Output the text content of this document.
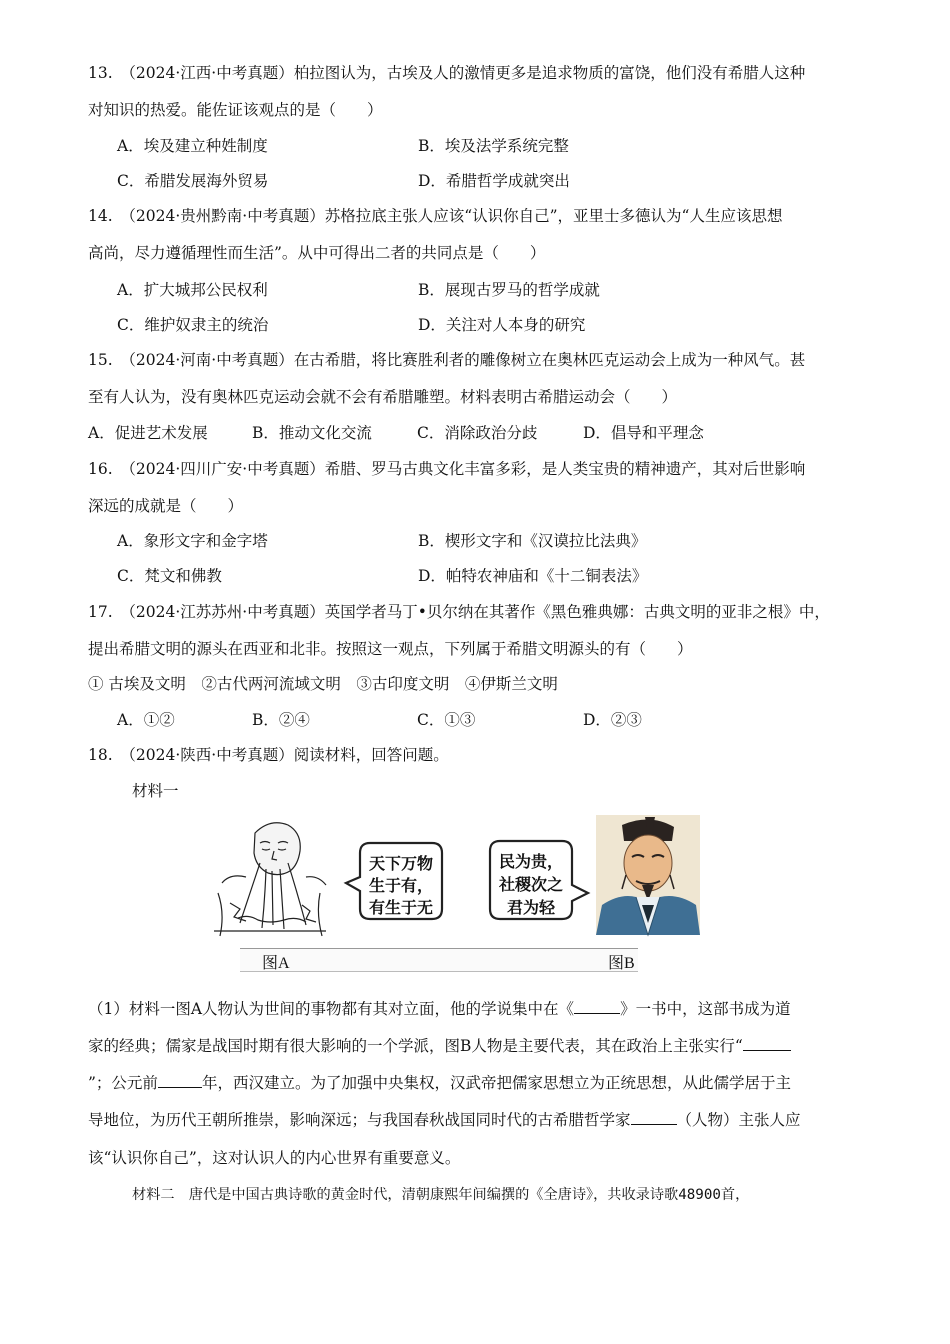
13.　（2024·江西·中考真题）柏拉图认为，古埃及人的激情更多是追求物质的富饶，他们没有希腊人这种
对知识的热爱。能佐证该观点的是（　　）
A．埃及建立种姓制度	B．埃及法学系统完整
C．希腊发展海外贸易	D．希腊哲学成就突出
14.　（2024·贵州黔南·中考真题）苏格拉底主张人应该“认识你自己”，亚里士多德认为“人生应该思想
高尚，尽力遵循理性而生活”。从中可得出二者的共同点是（　　）
A．扩大城邦公民权利	B．展现古罗马的哲学成就
C．维护奴隶主的统治	D．关注对人本身的研究
15.　（2024·河南·中考真题）在古希腊，将比赛胜利者的雕像树立在奥林匹克运动会上成为一种风气。甚
至有人认为，没有奥林匹克运动会就不会有希腊雕塑。材料表明古希腊运动会（　　）
A．促进艺术发展	B．推动文化交流	C．消除政治分歧	D．倡导和平理念
16.　（2024·四川广安·中考真题）希腊、罗马古典文化丰富多彩，是人类宝贵的精神遗产，其对后世影响
深远的成就是（　　）
A．象形文字和金字塔	B．楔形文字和《汉谟拉比法典》
C．梵文和佛教	D．帕特农神庙和《十二铜表法》
17.　（2024·江苏苏州·中考真题）英国学者马丁•贝尔纳在其著作《黑色雅典娜：古典文明的亚非之根》中，
提出希腊文明的源头在西亚和北非。按照这一观点，下列属于希腊文明源头的有（　　）
① 古埃及文明　②古代两河流域文明　③古印度文明　④伊斯兰文明
A．①②	B．②④	C．①③	D．②③
18.　（2024·陕西·中考真题）阅读材料，回答问题。
材料一
天下万物
生于有，
有生于无
民为贵，
社稷次之
君为轻
图A	图B
（1）材料一图A人物认为世间的事物都有其对立面，他的学说集中在《	》一书中，这部书成为道
家的经典；儒家是战国时期有很大影响的一个学派，图B人物是主要代表，其在政治上主张实行“
”；公元前	年，西汉建立。为了加强中央集权，汉武帝把儒家思想立为正统思想，从此儒学居于主
导地位，为历代王朝所推崇，影响深远；与我国春秋战国同时代的古希腊哲学家	（人物）主张人应
该“认识你自己”，这对认识人的内心世界有重要意义。
材料二　唐代是中国古典诗歌的黄金时代，清朝康熙年间编撰的《全唐诗》，共收录诗歌48900首，
